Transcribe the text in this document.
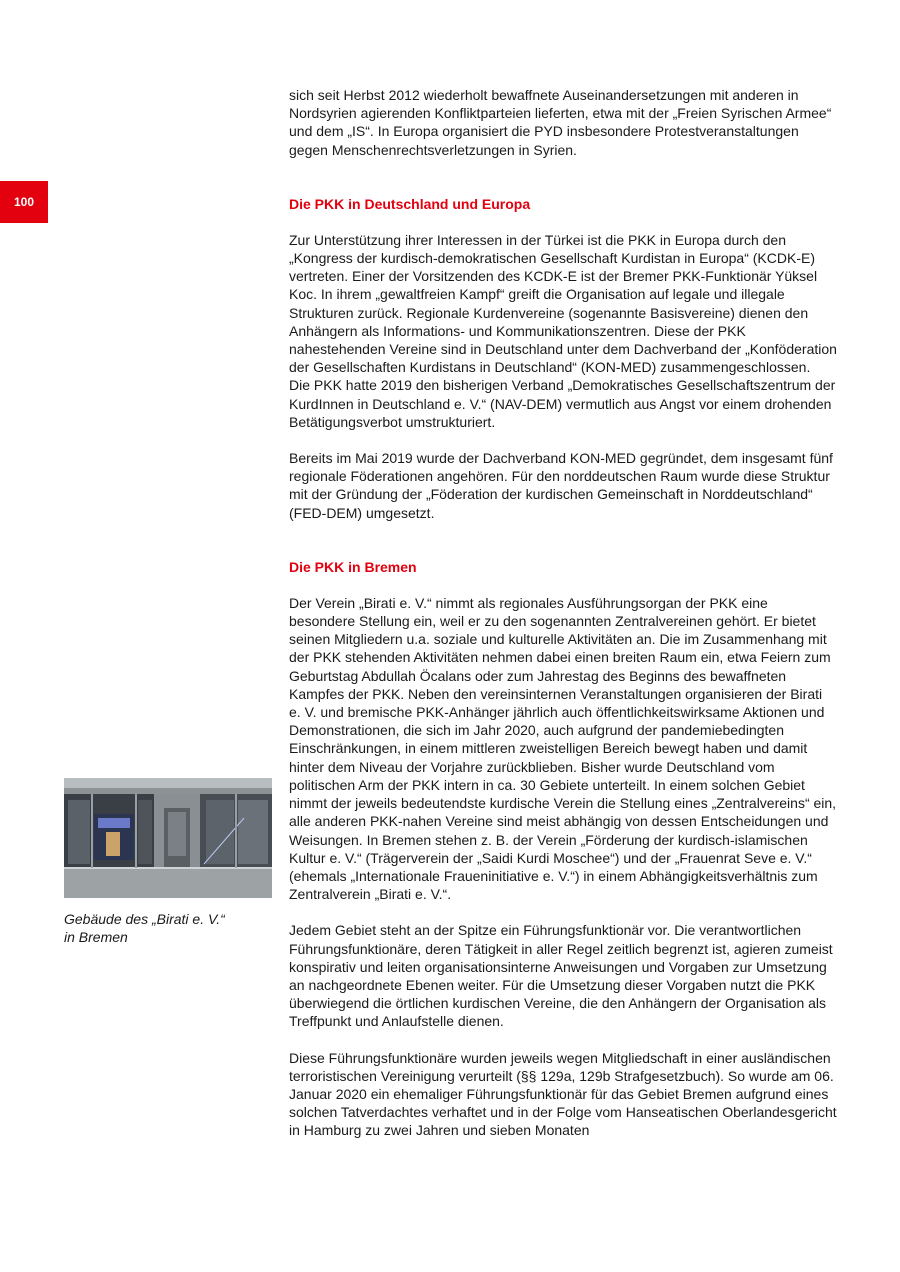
100

sich seit Herbst 2012 wiederholt bewaffnete Auseinandersetzungen mit anderen in Nordsyrien agierenden Konfliktparteien lieferten, etwa mit der „Freien Syrischen Armee“ und dem „IS“. In Europa organisiert die PYD insbesondere Protestveranstaltungen gegen Menschenrechtsverletzungen in Syrien.

Die PKK in Deutschland und Europa

Zur Unterstützung ihrer Interessen in der Türkei ist die PKK in Europa durch den „Kongress der kurdisch-demokratischen Gesellschaft Kurdistan in Europa“ (KCDK-E) vertreten. Einer der Vorsitzenden des KCDK-E ist der Bremer PKK-Funktionär Yüksel Koc. In ihrem „gewaltfreien Kampf“ greift die Organisation auf legale und illegale Strukturen zurück. Regionale Kurdenvereine (sogenannte Basisvereine) dienen den Anhängern als Informations- und Kommunikationszentren. Diese der PKK nahestehenden Vereine sind in Deutschland unter dem Dachverband der „Konföderation der Gesellschaften Kurdistans in Deutschland“ (KON-MED) zusammengeschlossen.

Die PKK hatte 2019 den bisherigen Verband „Demokratisches Gesellschaftszentrum der KurdInnen in Deutschland e. V.“ (NAV-DEM) vermutlich aus Angst vor einem drohenden Betätigungsverbot umstrukturiert.

Bereits im Mai 2019 wurde der Dachverband KON-MED gegründet, dem insgesamt fünf regionale Föderationen angehören. Für den norddeutschen Raum wurde diese Struktur mit der Gründung der „Föderation der kurdischen Gemeinschaft in Norddeutschland“ (FED-DEM) umgesetzt.

Die PKK in Bremen

Der Verein „Birati e. V.“ nimmt als regionales Ausführungsorgan der PKK eine besondere Stellung ein, weil er zu den sogenannten Zentralvereinen gehört. Er bietet seinen Mitgliedern u.a. soziale und kulturelle Aktivitäten an. Die im Zusammenhang mit der PKK stehenden Aktivitäten nehmen dabei einen breiten Raum ein, etwa Feiern zum Geburtstag Abdullah Öcalans oder zum Jahrestag des Beginns des bewaffneten Kampfes der PKK. Neben den vereinsinternen Veranstaltungen organisieren der Birati e. V. und bremische PKK-Anhänger jährlich auch öffentlichkeitswirksame Aktionen und Demonstrationen, die sich im Jahr 2020, auch aufgrund der pandemiebedingten Einschränkungen, in einem mittleren zweistelligen Bereich bewegt haben und damit hinter dem Niveau der Vorjahre zurückblieben. Bisher wurde Deutschland vom politischen Arm der PKK intern in ca. 30 Gebiete unterteilt. In einem solchen Gebiet nimmt der jeweils bedeutendste kurdische Verein die Stellung eines „Zentralvereins“ ein, alle anderen PKK-nahen Vereine sind meist abhängig von dessen Entscheidungen und Weisungen. In Bremen stehen z. B. der Verein „Förderung der kurdisch-islamischen Kultur e. V.“ (Trägerverein der „Saidi Kurdi Moschee“) und der „Frauenrat Seve e. V.“ (ehemals „Internationale Fraueninitiative e. V.“) in einem Abhängigkeitsverhältnis zum Zentralverein „Birati e. V.“.

Jedem Gebiet steht an der Spitze ein Führungsfunktionär vor. Die verantwortlichen Führungsfunktionäre, deren Tätigkeit in aller Regel zeitlich begrenzt ist, agieren zumeist konspirativ und leiten organisationsinterne Anweisungen und Vorgaben zur Umsetzung an nachgeordnete Ebenen weiter. Für die Umsetzung dieser Vorgaben nutzt die PKK überwiegend die örtlichen kurdischen Vereine, die den Anhängern der Organisation als Treffpunkt und Anlaufstelle dienen.

Diese Führungsfunktionäre wurden jeweils wegen Mitgliedschaft in einer ausländischen terroristischen Vereinigung verurteilt (§§ 129a, 129b Strafgesetzbuch). So wurde am 06. Januar 2020 ein ehemaliger Führungsfunktionär für das Gebiet Bremen aufgrund eines solchen Tatverdachtes verhaftet und in der Folge vom Hanseatischen Oberlandesgericht in Hamburg zu zwei Jahren und sieben Monaten

Gebäude des „Birati e. V.“
in Bremen
